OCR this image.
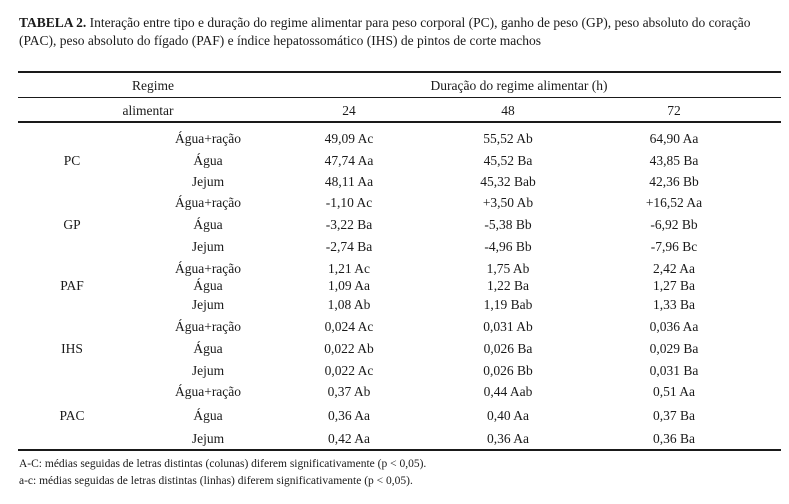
TABELA 2. Interação entre tipo e duração do regime alimentar para peso corporal (PC), ganho de peso (GP), peso absoluto do coração (PAC), peso absoluto do fígado (PAF) e índice hepatossomático (IHS) de pintos de corte machos
Regime
alimentar
Duração do regime alimentar (h)
24	48	72
PC
Água+ração	49,09 Ac	55,52 Ab	64,90 Aa
Água	47,74 Aa	45,52 Ba	43,85 Ba
Jejum	48,11 Aa	45,32 Bab	42,36 Bb
GP
Água+ração	-1,10 Ac	+3,50 Ab	+16,52 Aa
Água	-3,22 Ba	-5,38 Bb	-6,92 Bb
Jejum	-2,74 Ba	-4,96 Bb	-7,96 Bc
PAF
Água+ração	1,21 Ac	1,75 Ab	2,42 Aa
Água	1,09 Aa	1,22 Ba	1,27 Ba
Jejum	1,08 Ab	1,19 Bab	1,33 Ba
IHS
Água+ração	0,024 Ac	0,031 Ab	0,036 Aa
Água	0,022 Ab	0,026 Ba	0,029 Ba
Jejum	0,022 Ac	0,026 Bb	0,031 Ba
PAC
Água+ração	0,37 Ab	0,44 Aab	0,51 Aa
Água	0,36 Aa	0,40 Aa	0,37 Ba
Jejum	0,42 Aa	0,36 Aa	0,36 Ba
A-C: médias seguidas de letras distintas (colunas) diferem significativamente (p < 0,05).
a-c: médias seguidas de letras distintas (linhas) diferem significativamente (p < 0,05).
